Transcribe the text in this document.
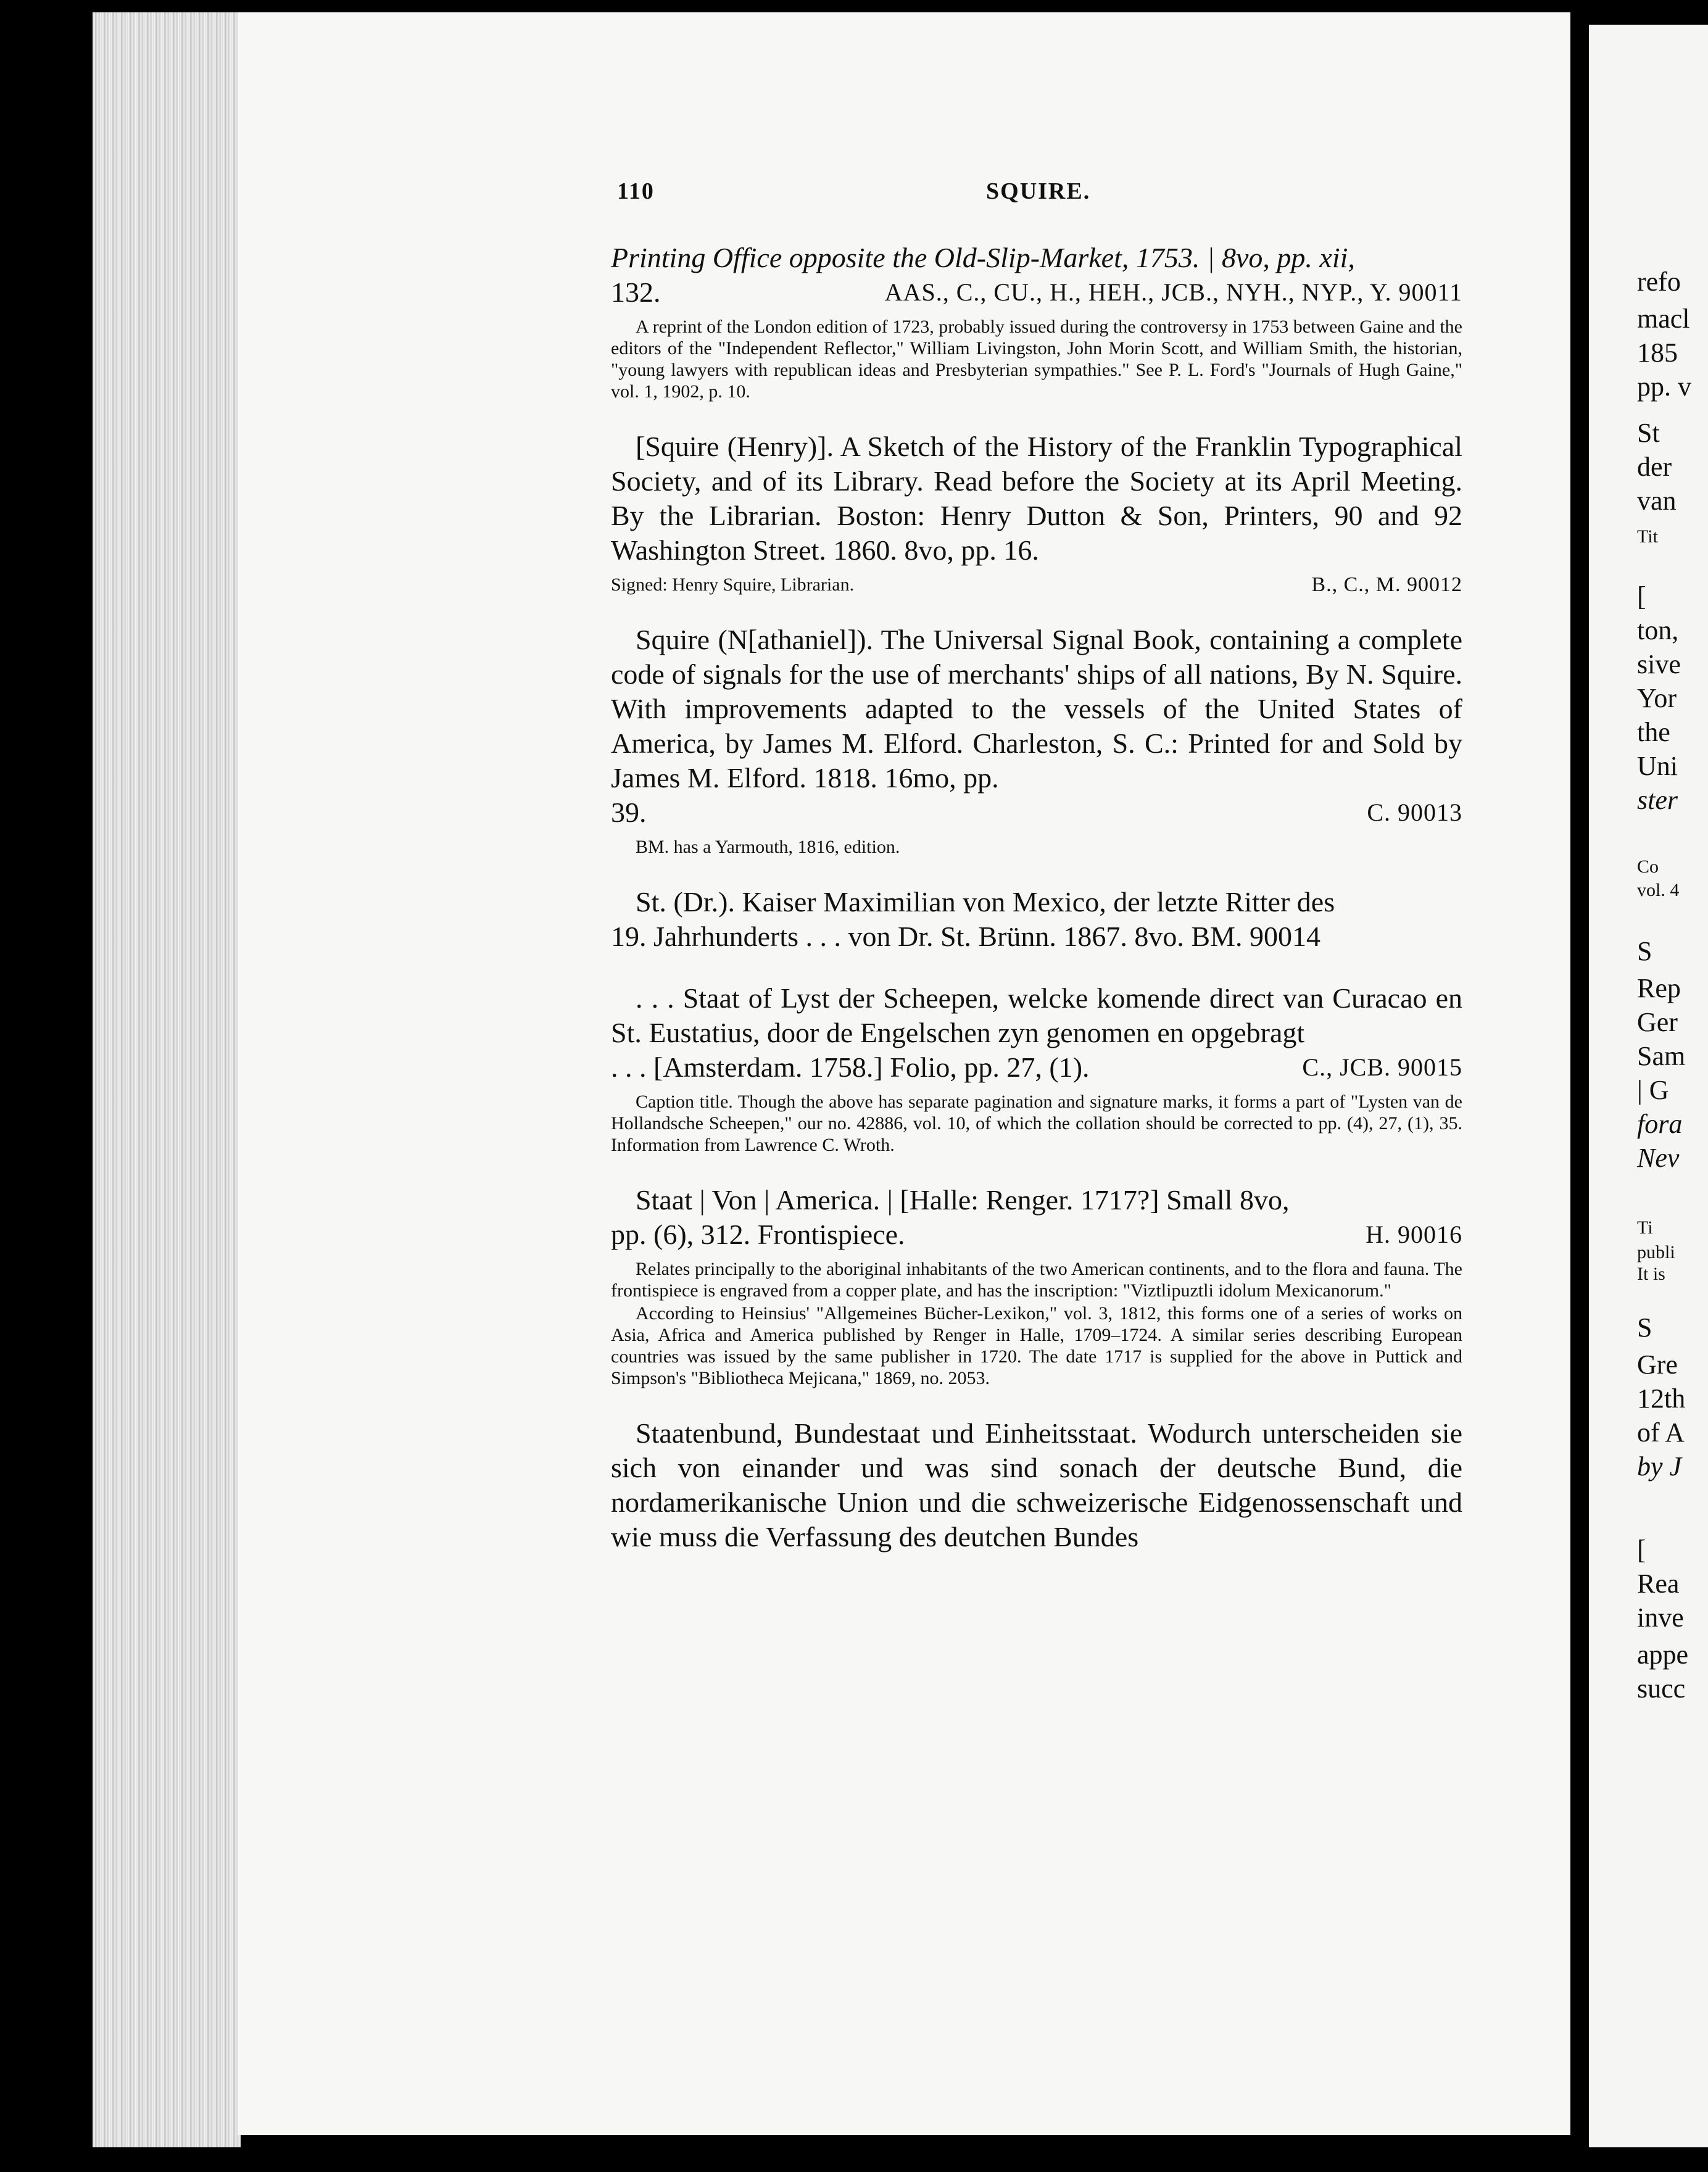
refo
macl
185
pp. v
St
der
van
Tit
[
ton,
sive
Yor
the
Uni
ster
Co
vol. 4
S
Rep
Ger
Sam
| G
fora
Nev
Ti
publi
It is
S
Gre
12th
of A
by J
[
Rea
inve
appe
succ
110	SQUIRE.

Printing Office opposite the Old-Slip-Market, 1753. | 8vo, pp. xii,

132.	AAS., C., CU., H., HEH., JCB., NYH., NYP., Y. 90011

A reprint of the London edition of 1723, probably issued during the controversy in 1753 between Gaine and the editors of the "Independent Reflector," William Livingston, John Morin Scott, and William Smith, the historian, "young lawyers with republican ideas and Presbyterian sympathies." See P. L. Ford's "Journals of Hugh Gaine," vol. 1, 1902, p. 10.

[Squire (Henry)]. A Sketch of the History of the Franklin Typographical Society, and of its Library. Read before the Society at its April Meeting. By the Librarian. Boston: Henry Dutton & Son, Printers, 90 and 92 Washington Street. 1860. 8vo, pp. 16.

Signed: Henry Squire, Librarian.	B., C., M. 90012

Squire (N[athaniel]). The Universal Signal Book, containing a complete code of signals for the use of merchants' ships of all nations, By N. Squire. With improvements adapted to the vessels of the United States of America, by James M. Elford. Charleston, S. C.: Printed for and Sold by James M. Elford. 1818. 16mo, pp.

39.	C. 90013

BM. has a Yarmouth, 1816, edition.

St. (Dr.). Kaiser Maximilian von Mexico, der letzte Ritter des

19. Jahrhunderts . . . von Dr. St. Brünn. 1867. 8vo. BM. 90014

. . . Staat of Lyst der Scheepen, welcke komende direct van Curacao en St. Eustatius, door de Engelschen zyn genomen en opgebragt

. . . [Amsterdam. 1758.] Folio, pp. 27, (1).	C., JCB. 90015

Caption title. Though the above has separate pagination and signature marks, it forms a part of "Lysten van de Hollandsche Scheepen," our no. 42886, vol. 10, of which the collation should be corrected to pp. (4), 27, (1), 35. Information from Lawrence C. Wroth.

Staat | Von | America. | [Halle: Renger. 1717?] Small 8vo,

pp. (6), 312. Frontispiece.	H. 90016

Relates principally to the aboriginal inhabitants of the two American continents, and to the flora and fauna. The frontispiece is engraved from a copper plate, and has the inscription: "Viztlipuztli idolum Mexicanorum."

According to Heinsius' "Allgemeines Bücher-Lexikon," vol. 3, 1812, this forms one of a series of works on Asia, Africa and America published by Renger in Halle, 1709–1724. A similar series describing European countries was issued by the same publisher in 1720. The date 1717 is supplied for the above in Puttick and Simpson's "Bibliotheca Mejicana," 1869, no. 2053.

Staatenbund, Bundestaat und Einheitsstaat. Wodurch unterscheiden sie sich von einander und was sind sonach der deutsche Bund, die nordamerikanische Union und die schweizerische Eidgenossenschaft und wie muss die Verfassung des deutchen Bundes
